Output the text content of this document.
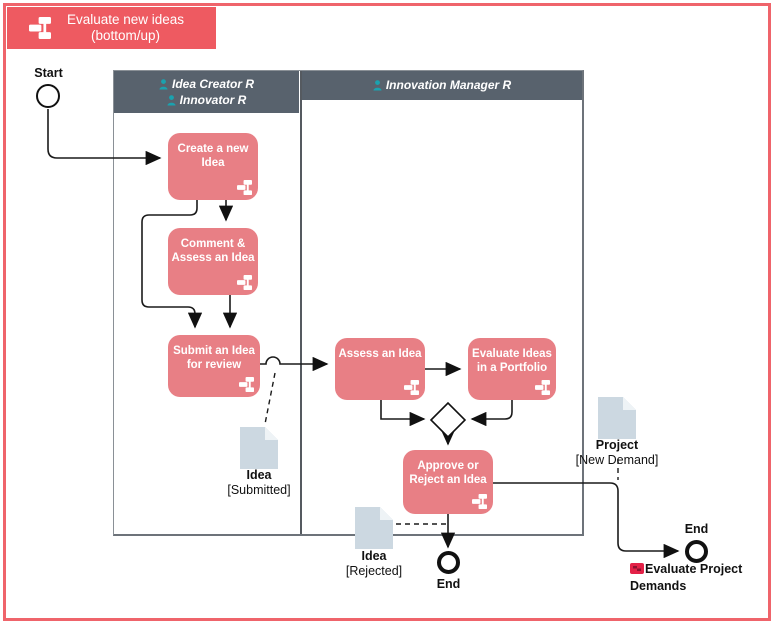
Evaluate new ideas
(bottom/up)
Idea Creator R
Innovator R
Innovation Manager R
Start
End
End
Create a new Idea
Comment & Assess an Idea
Submit an Idea for review
Assess an Idea	Evaluate Ideas in a Portfolio
Approve or Reject an Idea
Idea
[Submitted]
Idea
[Rejected]
Project
[New Demand]
Evaluate Project Demands
